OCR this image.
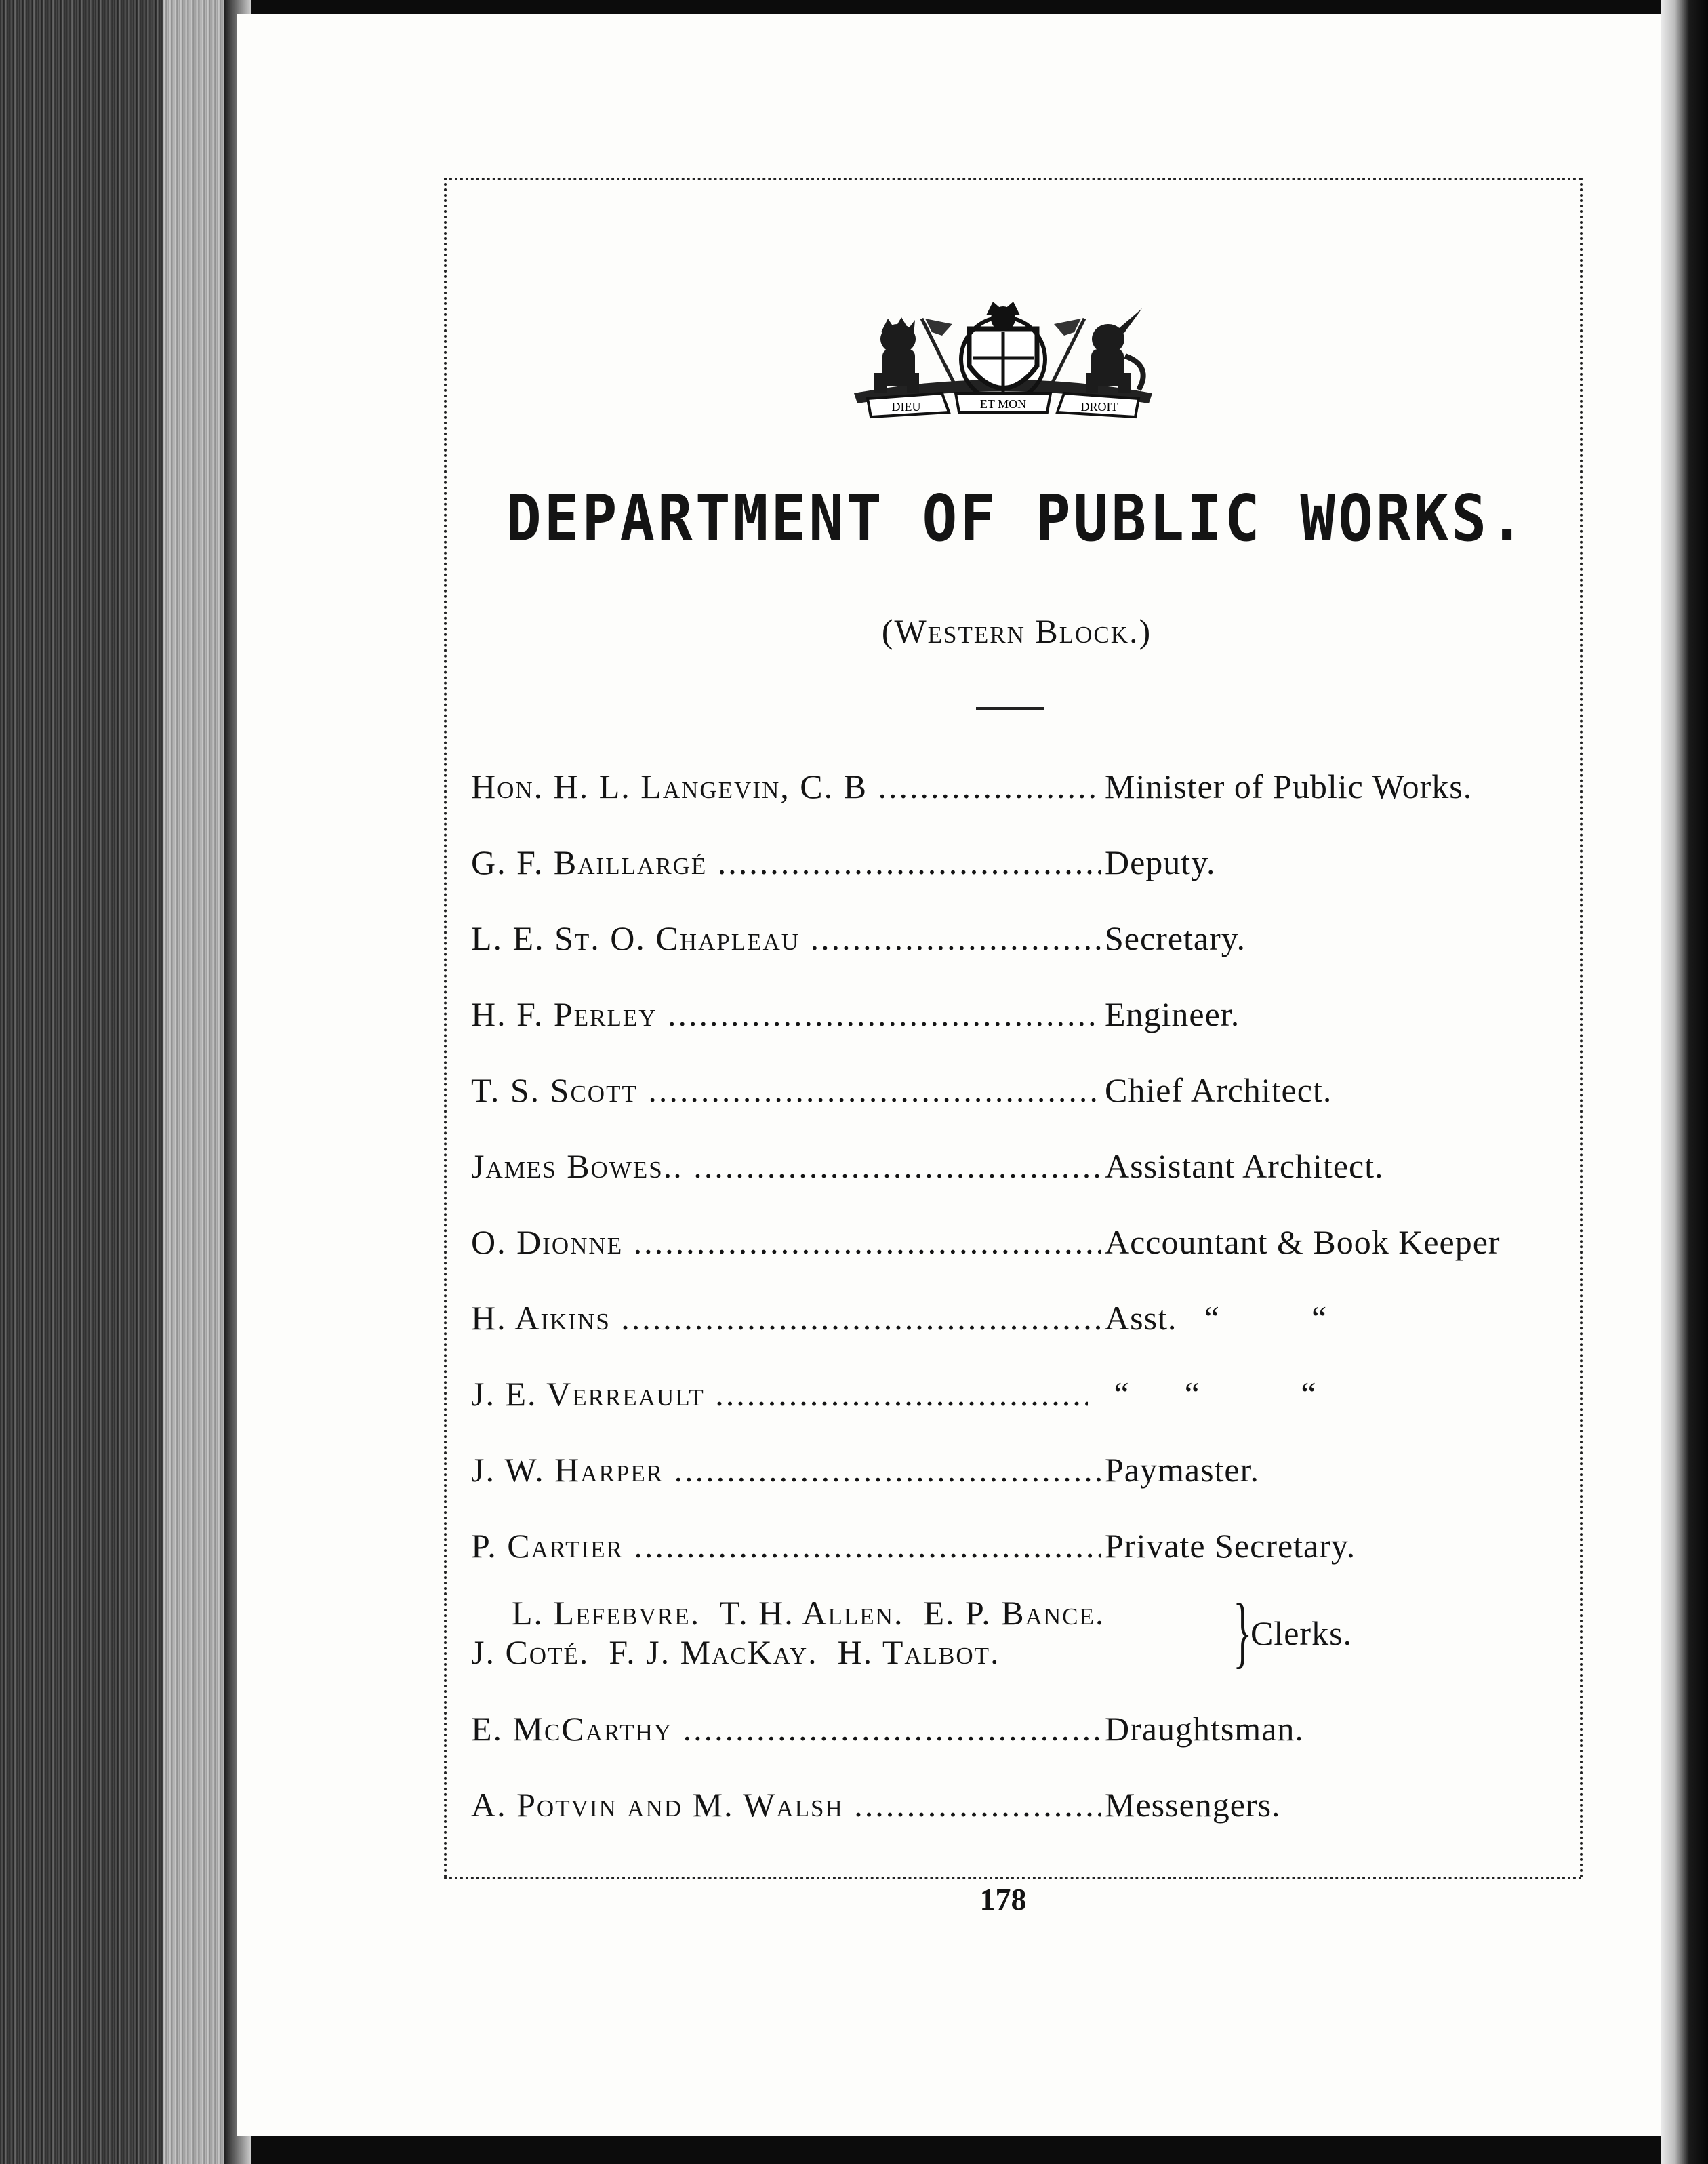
DIEU	ET MON	DROIT
DEPARTMENT OF PUBLIC WORKS.
(Western Block.)
Hon. H. L. Langevin, C. B .....	Minister of Public Works.
G. F. Baillargé .....	Deputy.
L. E. St. O. Chapleau .....	Secretary.
H. F. Perley .....	Engineer.
T. S. Scott .....	Chief Architect.
James Bowes.. .....	Assistant Architect.
O. Dionne .....	Accountant & Book Keeper
H. Aikins .....	Asst.   “          “
J. E. Verreault .....	“      “           “
J. W. Harper .....	Paymaster.
P. Cartier .....	Private Secretary.
L. Lefebvre.  T. H. Allen.  E. P. Bance.
J. Coté.  F. J. MacKay.  H. Talbot.	}
Clerks.
E. McCarthy .....	Draughtsman.
A. Potvin and M. Walsh .....	Messengers.
178
